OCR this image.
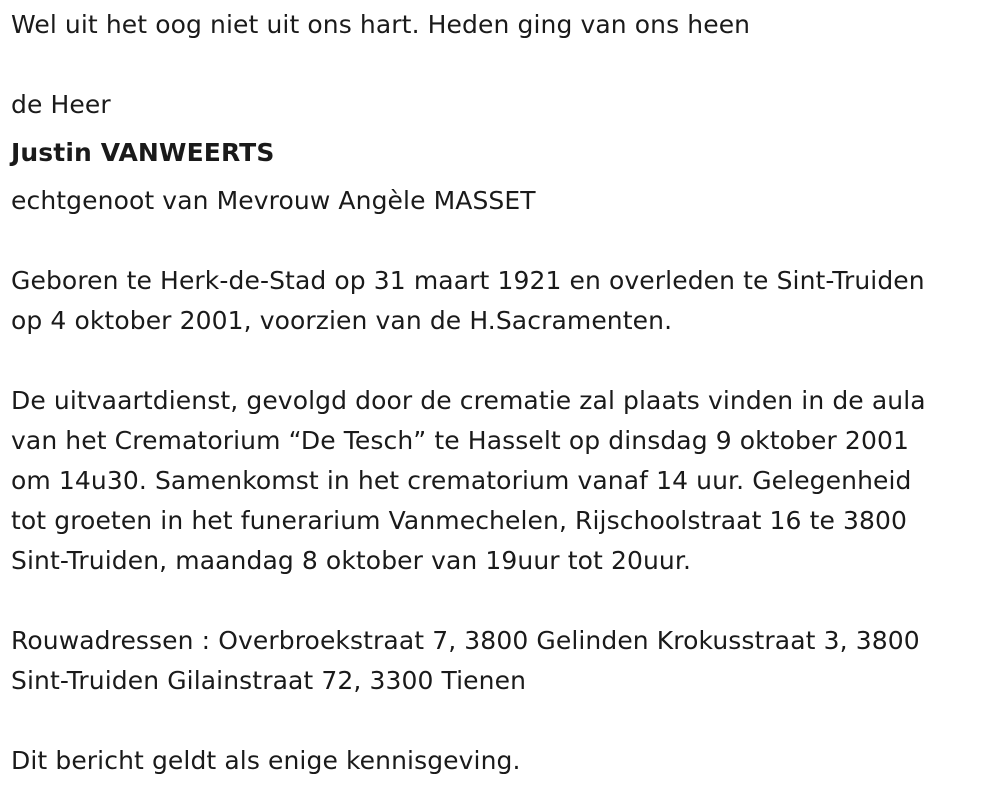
Wel uit het oog niet uit ons hart. Heden ging van ons heen
de Heer
Justin VANWEERTS
echtgenoot van Mevrouw Angèle MASSET
Geboren te Herk-de-Stad op 31 maart 1921 en overleden te Sint-Truiden
op 4 oktober 2001, voorzien van de H.Sacramenten.
De uitvaartdienst, gevolgd door de crematie zal plaats vinden in de aula
van het Crematorium “De Tesch” te Hasselt op dinsdag 9 oktober 2001
om 14u30. Samenkomst in het crematorium vanaf 14 uur. Gelegenheid
tot groeten in het funerarium Vanmechelen, Rijschoolstraat 16 te 3800
Sint-Truiden, maandag 8 oktober van 19uur tot 20uur.
Rouwadressen : Overbroekstraat 7, 3800 Gelinden Krokusstraat 3, 3800
Sint-Truiden Gilainstraat 72, 3300 Tienen
Dit bericht geldt als enige kennisgeving.
